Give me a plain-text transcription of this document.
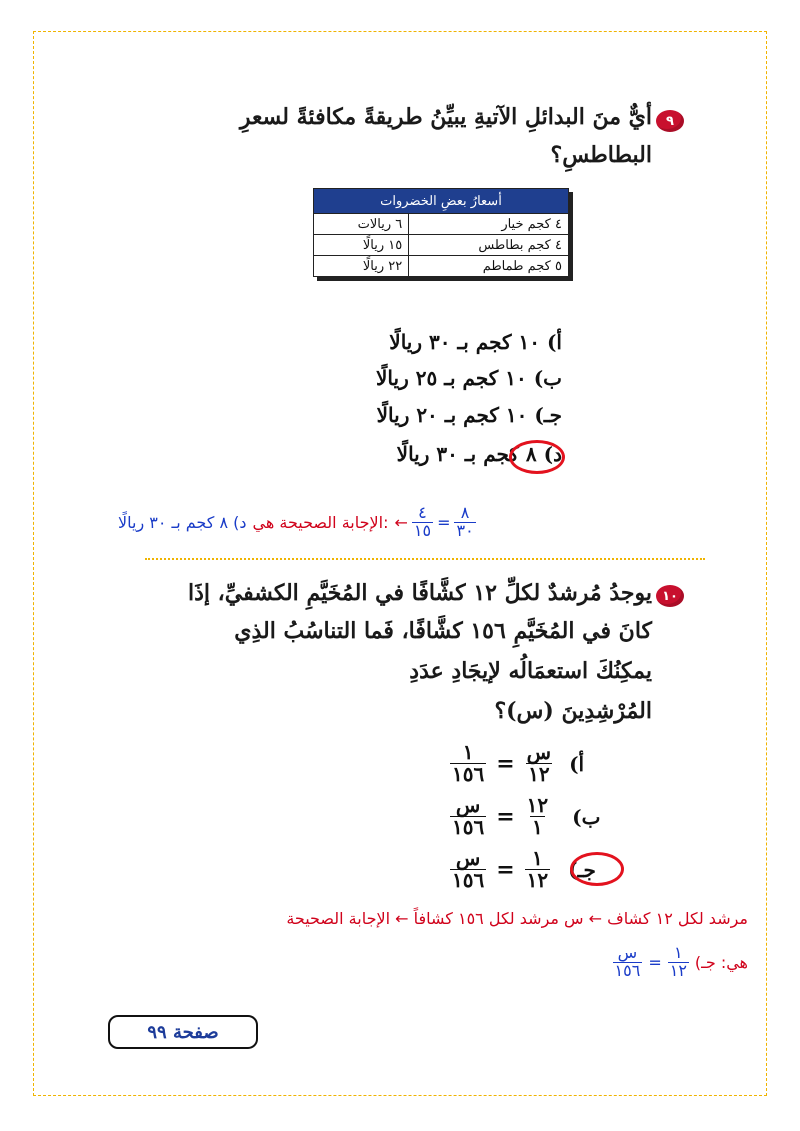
٩
أيٌّ منَ البدائلِ الآتيةِ يبيِّنُ طريقةً مكافئةً لسعرِ
البطاطسِ؟
أسعارُ بعضِ الخضروات	
٤ كجم خيار	٦ ريالات
٤ كجم بطاطس	١٥ ريالًا
٥ كجم طماطم	٢٢ ريالًا
أ) ١٠ كجم بـ ٣٠ ريالًا
ب) ١٠ كجم بـ ٢٥ ريالًا
جـ) ١٠ كجم بـ ٢٠ ريالًا
د) ٨ كجم بـ ٣٠ ريالًا
د) ٨ كجم بـ ٣٠ ريالًا الإجابة الصحيحة هي: ← $\frac{٤}{١٥} = \frac{٨}{٣٠}$
١٠
يوجدُ مُرشدٌ لكلِّ ١٢ كشَّافًا في المُخَيَّمِ الكشفيِّ، إذَا
كانَ في المُخَيَّمِ ١٥٦ كشَّافًا، فَما التناسُبُ الذِي
يمكِنُكَ استعمَالُه لإيجَادِ عدَدِ
المُرْشِدِينَ (س)؟
$\frac{١}{١٥٦} = \frac{\text{س}}{١٢}$ أ)
$\frac{\text{س}}{١٥٦} = \frac{١٢}{١}$ ب)
$\frac{\text{س}}{١٥٦} = \frac{١}{١٢}$ جـ)
مرشد لكل ١٢ كشاف ← س مرشد لكل ١٥٦ كشافاً ← الإجابة الصحيحة
هي: جـ)
$\frac{\text{س}}{١٥٦} = \frac{١}{١٢}$
صفحة ٩٩
